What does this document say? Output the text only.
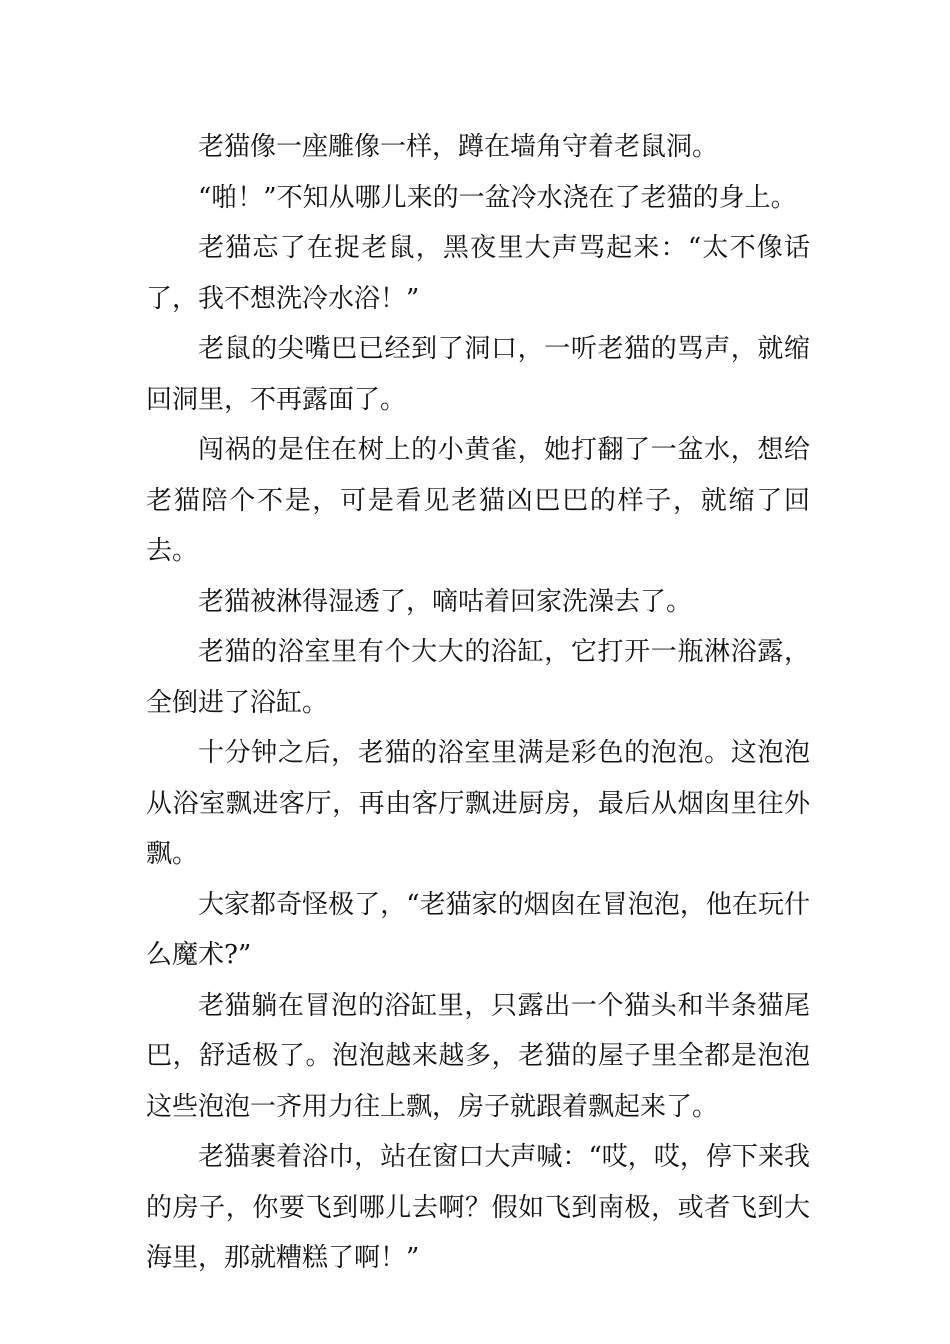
老猫像一座雕像一样，蹲在墙角守着老鼠洞。

“啪！”不知从哪儿来的一盆冷水浇在了老猫的身上。

老猫忘了在捉老鼠，黑夜里大声骂起来：“太不像话了，我不想洗冷水浴！”

老鼠的尖嘴巴已经到了洞口，一听老猫的骂声，就缩回洞里，不再露面了。

闯祸的是住在树上的小黄雀，她打翻了一盆水，想给老猫陪个不是，可是看见老猫凶巴巴的样子，就缩了回去。

老猫被淋得湿透了，嘀咕着回家洗澡去了。

老猫的浴室里有个大大的浴缸，它打开一瓶淋浴露，全倒进了浴缸。

十分钟之后，老猫的浴室里满是彩色的泡泡。这泡泡从浴室飘进客厅，再由客厅飘进厨房，最后从烟囱里往外飘。

大家都奇怪极了，“老猫家的烟囱在冒泡泡，他在玩什么魔术?”

老猫躺在冒泡的浴缸里，只露出一个猫头和半条猫尾巴，舒适极了。泡泡越来越多，老猫的屋子里全都是泡泡这些泡泡一齐用力往上飘，房子就跟着飘起来了。

老猫裹着浴巾，站在窗口大声喊：“哎，哎，停下来我的房子，你要飞到哪儿去啊？假如飞到南极，或者飞到大海里，那就糟糕了啊！”
